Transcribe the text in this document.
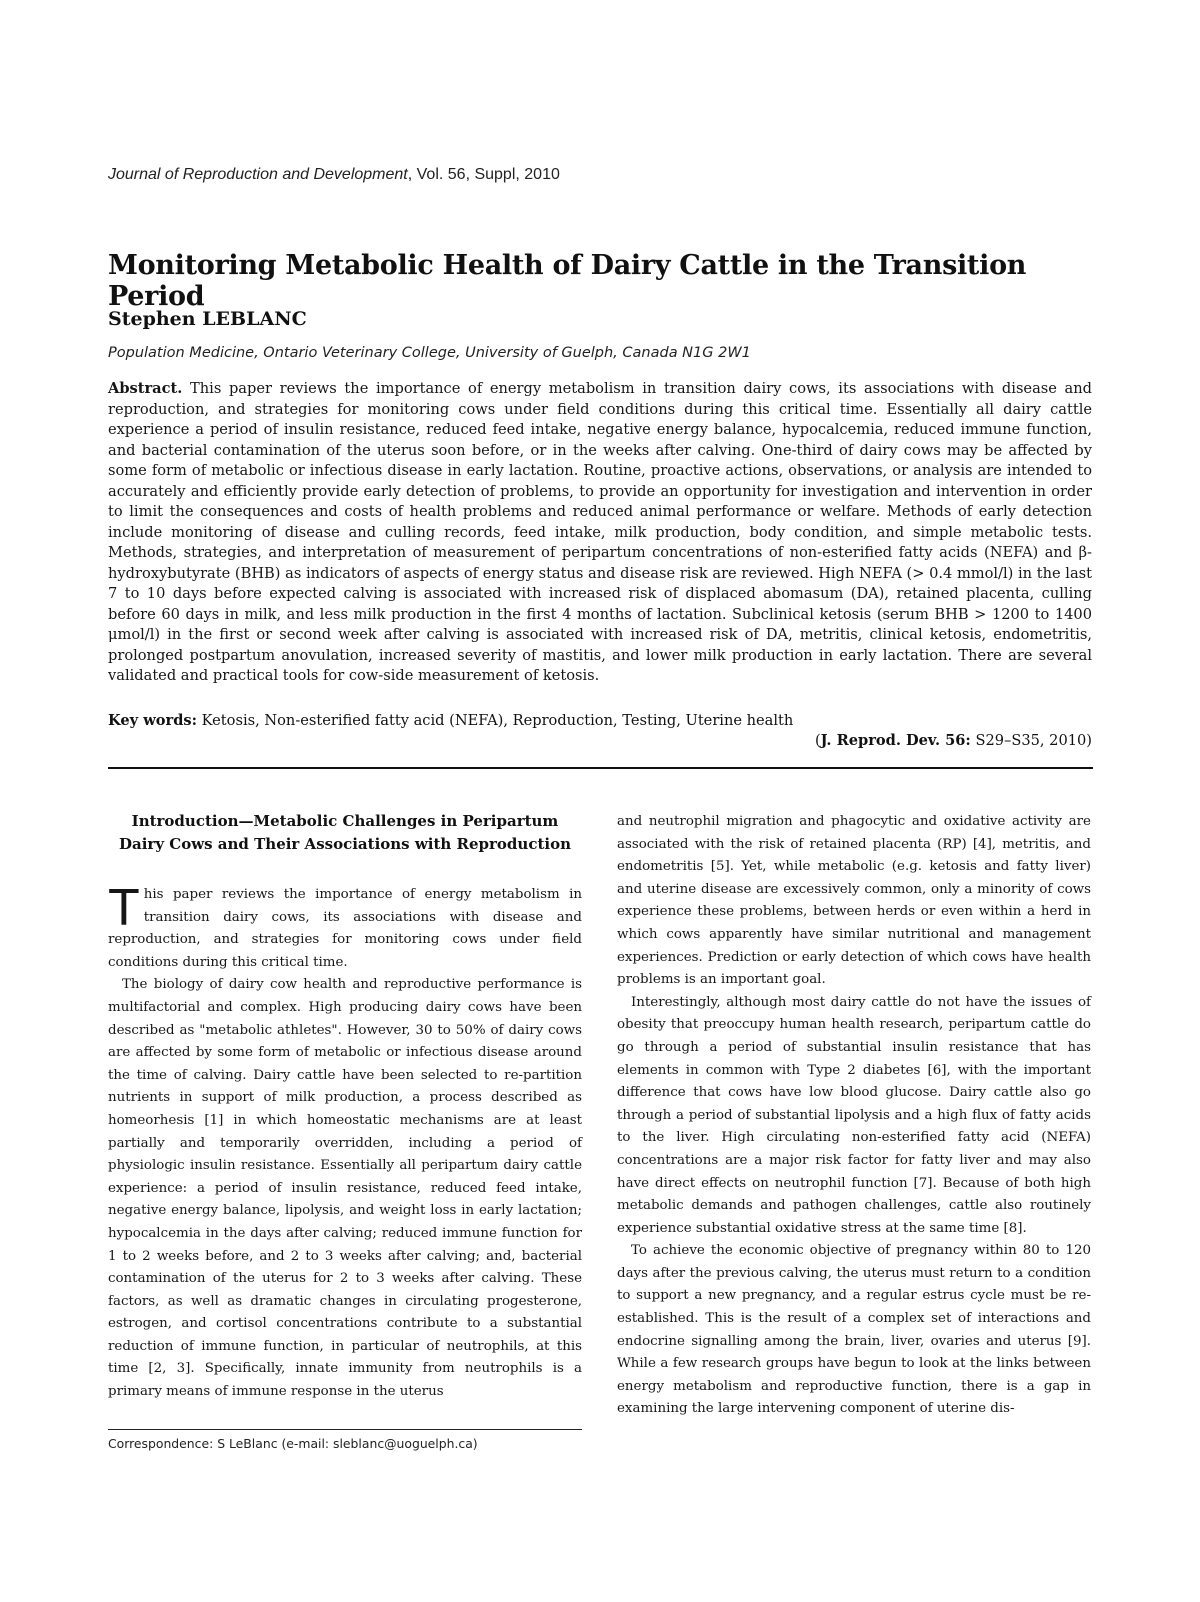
Journal of Reproduction and Development, Vol. 56, Suppl, 2010
Monitoring Metabolic Health of Dairy Cattle in the Transition Period
Stephen LEBLANC
Population Medicine, Ontario Veterinary College, University of Guelph, Canada N1G 2W1
Abstract. This paper reviews the importance of energy metabolism in transition dairy cows, its associations with disease and reproduction, and strategies for monitoring cows under field conditions during this critical time. Essentially all dairy cattle experience a period of insulin resistance, reduced feed intake, negative energy balance, hypocalcemia, reduced immune function, and bacterial contamination of the uterus soon before, or in the weeks after calving. One-third of dairy cows may be affected by some form of metabolic or infectious disease in early lactation. Routine, proactive actions, observations, or analysis are intended to accurately and efficiently provide early detection of problems, to provide an opportunity for investigation and intervention in order to limit the consequences and costs of health problems and reduced animal performance or welfare. Methods of early detection include monitoring of disease and culling records, feed intake, milk production, body condition, and simple metabolic tests. Methods, strategies, and interpretation of measurement of peripartum concentrations of non-esterified fatty acids (NEFA) and β-hydroxybutyrate (BHB) as indicators of aspects of energy status and disease risk are reviewed. High NEFA (> 0.4 mmol/l) in the last 7 to 10 days before expected calving is associated with increased risk of displaced abomasum (DA), retained placenta, culling before 60 days in milk, and less milk production in the first 4 months of lactation. Subclinical ketosis (serum BHB > 1200 to 1400 μmol/l) in the first or second week after calving is associated with increased risk of DA, metritis, clinical ketosis, endometritis, prolonged postpartum anovulation, increased severity of mastitis, and lower milk production in early lactation. There are several validated and practical tools for cow-side measurement of ketosis.
Key words: Ketosis, Non-esterified fatty acid (NEFA), Reproduction, Testing, Uterine health
(J. Reprod. Dev. 56: S29–S35, 2010)
Introduction—Metabolic Challenges in Peripartum
Dairy Cows and Their Associations with Reproduction

This paper reviews the importance of energy metabolism in transition dairy cows, its associations with disease and reproduction, and strategies for monitoring cows under field conditions during this critical time.

The biology of dairy cow health and reproductive performance is multifactorial and complex. High producing dairy cows have been described as "metabolic athletes". However, 30 to 50% of dairy cows are affected by some form of metabolic or infectious disease around the time of calving. Dairy cattle have been selected to re-partition nutrients in support of milk production, a process described as homeorhesis [1] in which homeostatic mechanisms are at least partially and temporarily overridden, including a period of physiologic insulin resistance. Essentially all peripartum dairy cattle experience: a period of insulin resistance, reduced feed intake, negative energy balance, lipolysis, and weight loss in early lactation; hypocalcemia in the days after calving; reduced immune function for 1 to 2 weeks before, and 2 to 3 weeks after calving; and, bacterial contamination of the uterus for 2 to 3 weeks after calving. These factors, as well as dramatic changes in circulating progesterone, estrogen, and cortisol concentrations contribute to a substantial reduction of immune function, in particular of neutrophils, at this time [2, 3]. Specifically, innate immunity from neutrophils is a primary means of immune response in the uterus

and neutrophil migration and phagocytic and oxidative activity are associated with the risk of retained placenta (RP) [4], metritis, and endometritis [5]. Yet, while metabolic (e.g. ketosis and fatty liver) and uterine disease are excessively common, only a minority of cows experience these problems, between herds or even within a herd in which cows apparently have similar nutritional and management experiences. Prediction or early detection of which cows have health problems is an important goal.

Interestingly, although most dairy cattle do not have the issues of obesity that preoccupy human health research, peripartum cattle do go through a period of substantial insulin resistance that has elements in common with Type 2 diabetes [6], with the important difference that cows have low blood glucose. Dairy cattle also go through a period of substantial lipolysis and a high flux of fatty acids to the liver. High circulating non-esterified fatty acid (NEFA) concentrations are a major risk factor for fatty liver and may also have direct effects on neutrophil function [7]. Because of both high metabolic demands and pathogen challenges, cattle also routinely experience substantial oxidative stress at the same time [8].

To achieve the economic objective of pregnancy within 80 to 120 days after the previous calving, the uterus must return to a condition to support a new pregnancy, and a regular estrus cycle must be re-established. This is the result of a complex set of interactions and endocrine signalling among the brain, liver, ovaries and uterus [9]. While a few research groups have begun to look at the links between energy metabolism and reproductive function, there is a gap in examining the large intervening component of uterine dis-

Correspondence: S LeBlanc (e-mail: sleblanc@uoguelph.ca)
